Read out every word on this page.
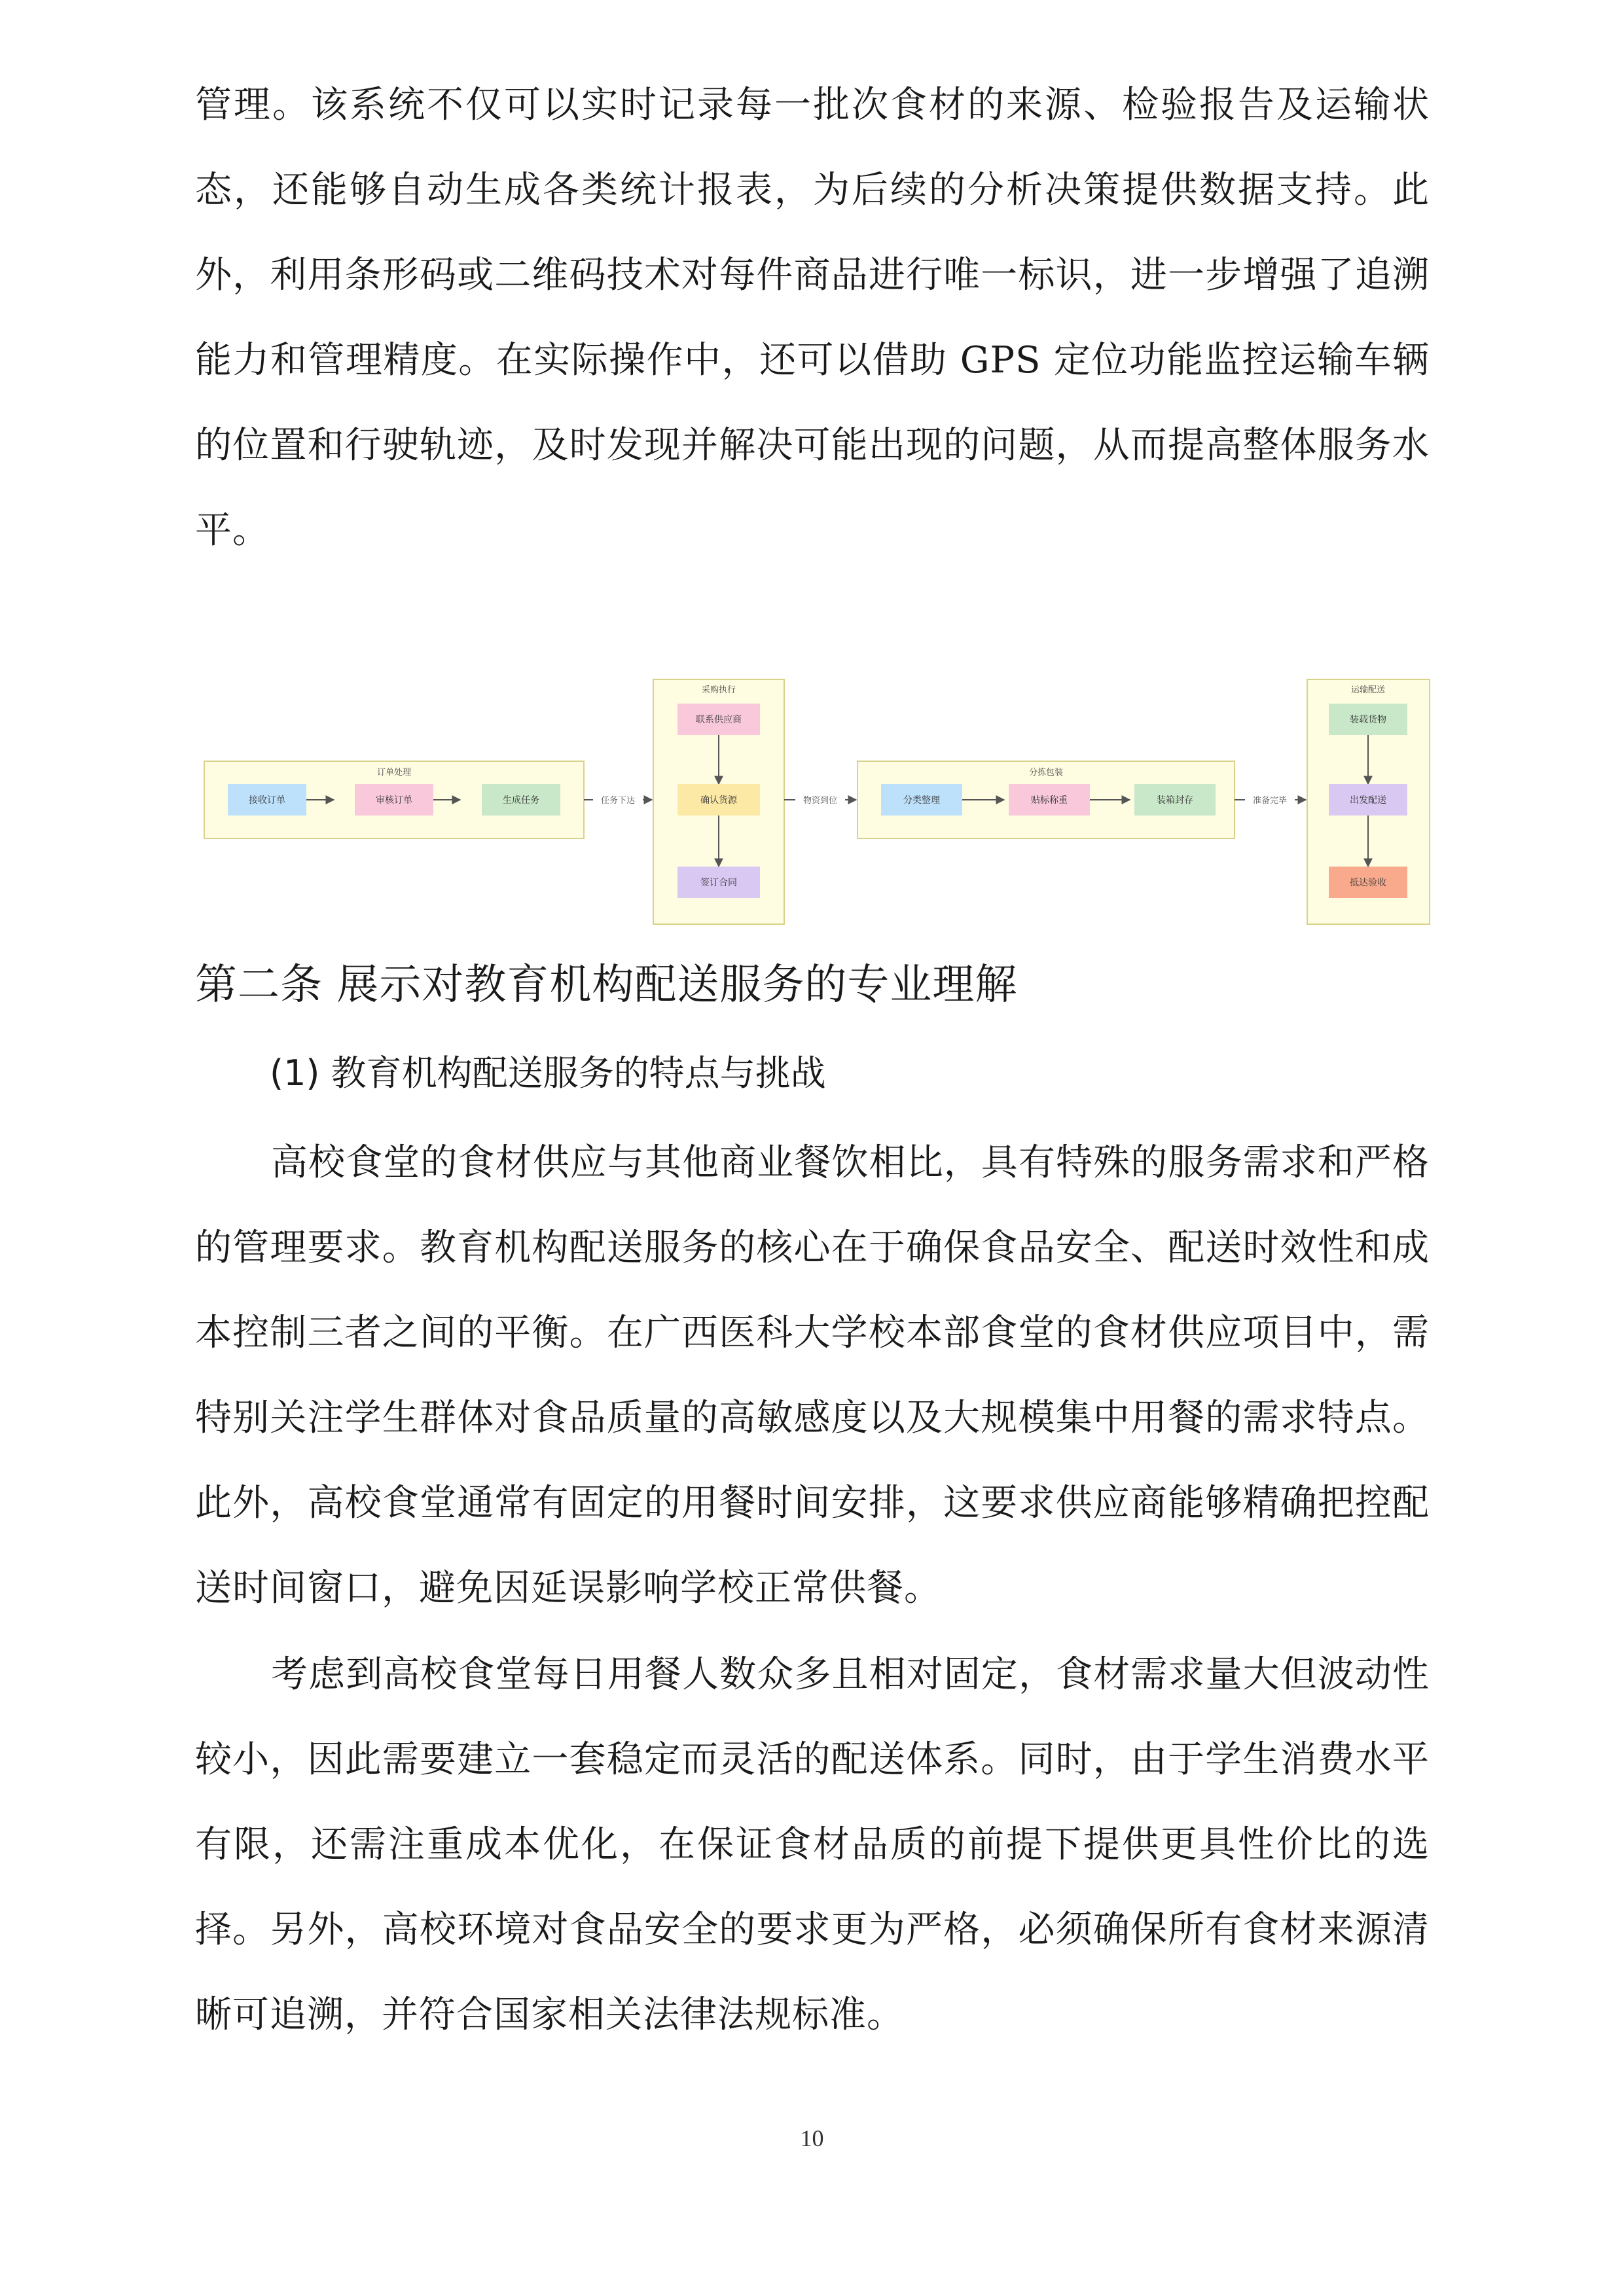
管理。该系统不仅可以实时记录每一批次食材的来源、检验报告及运输状态，还能够自动生成各类统计报表，为后续的分析决策提供数据支持。此外，利用条形码或二维码技术对每件商品进行唯一标识，进一步增强了追溯能力和管理精度。在实际操作中，还可以借助 GPS 定位功能监控运输车辆的位置和行驶轨迹，及时发现并解决可能出现的问题，从而提高整体服务水平。

订单处理
采购执行
分拣包装
运输配送
任务下达	物资到位	准备完毕
接收订单	审核订单	生成任务
联系供应商
确认货源
签订合同
分类整理	贴标称重	装箱封存
装载货物
出发配送
抵达验收
第二条 展示对教育机构配送服务的专业理解
(1) 教育机构配送服务的特点与挑战

高校食堂的食材供应与其他商业餐饮相比，具有特殊的服务需求和严格的管理要求。教育机构配送服务的核心在于确保食品安全、配送时效性和成本控制三者之间的平衡。在广西医科大学校本部食堂的食材供应项目中，需特别关注学生群体对食品质量的高敏感度以及大规模集中用餐的需求特点。此外，高校食堂通常有固定的用餐时间安排，这要求供应商能够精确把控配送时间窗口，避免因延误影响学校正常供餐。

考虑到高校食堂每日用餐人数众多且相对固定，食材需求量大但波动性较小，因此需要建立一套稳定而灵活的配送体系。同时，由于学生消费水平有限，还需注重成本优化，在保证食材品质的前提下提供更具性价比的选择。另外，高校环境对食品安全的要求更为严格，必须确保所有食材来源清晰可追溯，并符合国家相关法律法规标准。

10
